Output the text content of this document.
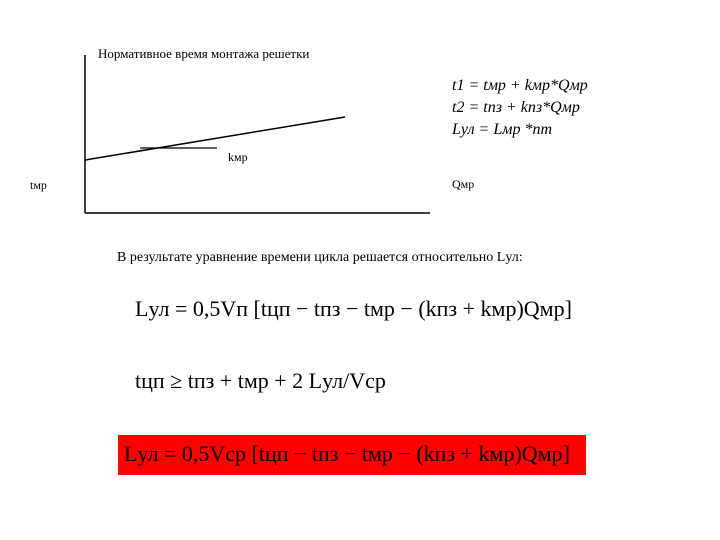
Нормативное время монтажа решетки
tмр
kмр
Qмр
t1 = tмр + kмр*Qмр
t2 = tпз + kпз*Qмр
Lул = Lмр *nт
В результате уравнение времени цикла решается относительно Lул:
Lул = 0,5Vп [tцп − tпз − tмр − (kпз + kмр)Qмр]
tцп ≥ tпз + tмр + 2 Lул/Vср
Lул = 0,5Vср [tцп − tпз − tмр − (kпз + kмр)Qмр]
